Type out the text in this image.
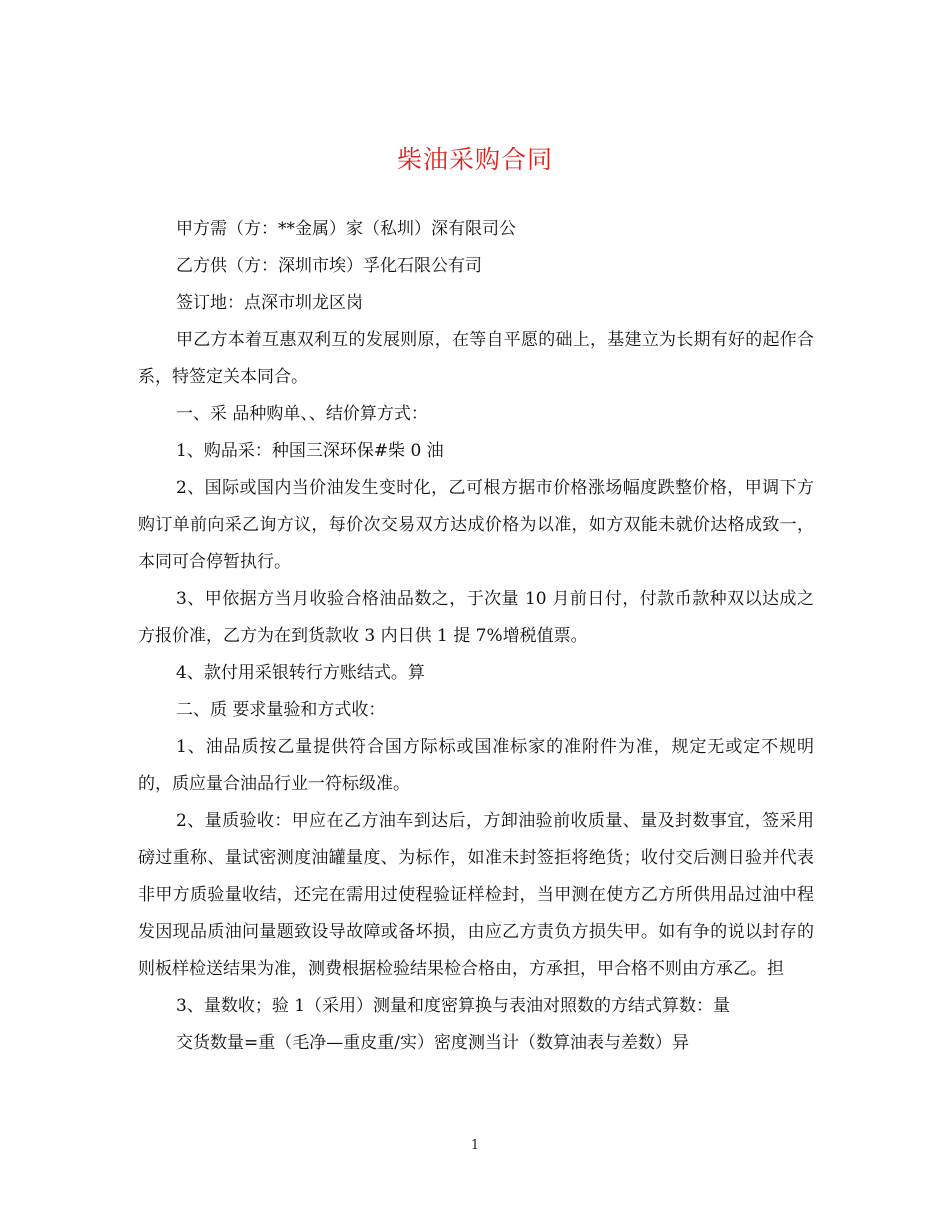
柴油采购合同

甲方需（方：**金属）家（私圳）深有限司公

乙方供（方：深圳市埃）孚化石限公有司

签订地：点深市圳龙区岗

甲乙方本着互惠双利互的发展则原，在等自平愿的础上，基建立为长期有好的起作合系，特签定关本同合。

一、采 品种购单、、结价算方式：

1、购品采：种国三深环保#柴 0 油

2、国际或国内当价油发生变时化，乙可根方据市价格涨场幅度跌整价格，甲调下方购订单前向采乙询方议，每价次交易双方达成价格为以准，如方双能未就价达格成致一，本同可合停暂执行。

3、甲依据方当月收验合格油品数之，于次量 10 月前日付，付款币款种双以达成之方报价准，乙方为在到货款收 3 内日供 1 提 7%增税值票。

4、款付用采银转行方账结式。算

二、质 要求量验和方式收：

1、油品质按乙量提供符合国方际标或国准标家的准附件为准，规定无或定不规明的，质应量合油品行业一符标级准。

2、量质验收：甲应在乙方油车到达后，方卸油验前收质量、量及封数事宜，签采用磅过重称、量试密测度油罐量度、为标作，如准未封签拒将绝货；收付交后测日验并代表非甲方质验量收结，还完在需用过使程验证样检封，当甲测在使方乙方所供用品过油中程发因现品质油问量题致设导故障或备坏损，由应乙方责负方损失甲。如有争的说以封存的则板样检送结果为准，测费根据检验结果检合格由，方承担，甲合格不则由方承乙。担

3、量数收；验 1（采用）测量和度密算换与表油对照数的方结式算数：量

交货数量=重（毛净—重皮重/实）密度测当计（数算油表与差数）异

1
